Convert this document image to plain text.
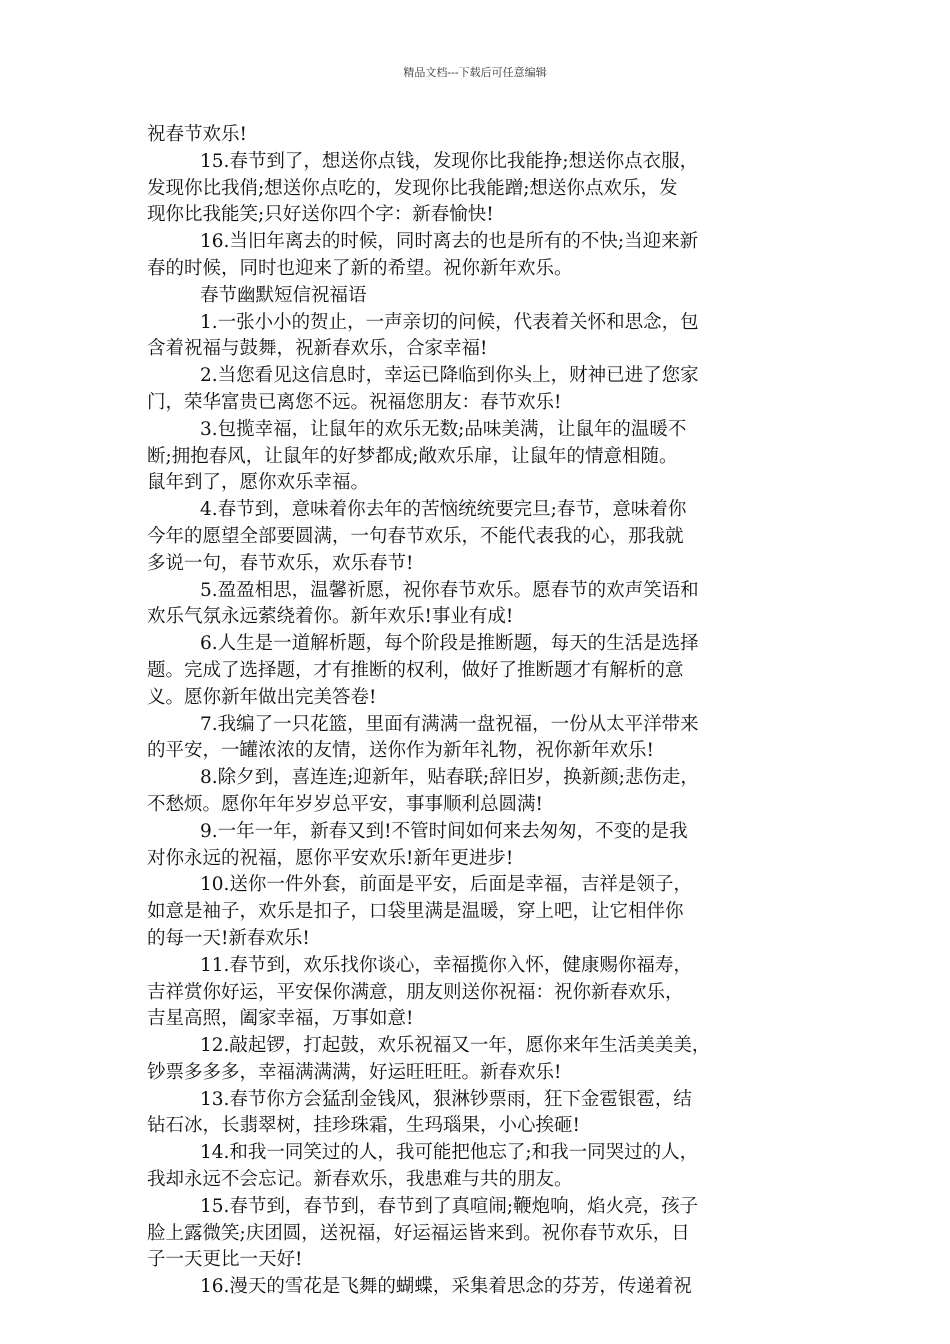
精品文档---下载后可任意编辑
祝春节欢乐!
15.春节到了，想送你点钱，发现你比我能挣;想送你点衣服，
发现你比我俏;想送你点吃的，发现你比我能蹭;想送你点欢乐，发
现你比我能笑;只好送你四个字：新春愉快!
16.当旧年离去的时候，同时离去的也是所有的不快;当迎来新
春的时候，同时也迎来了新的希望。祝你新年欢乐。
春节幽默短信祝福语
1.一张小小的贺止，一声亲切的问候，代表着关怀和思念，包
含着祝福与鼓舞，祝新春欢乐，合家幸福!
2.当您看见这信息时，幸运已降临到你头上，财神已进了您家
门，荣华富贵已离您不远。祝福您朋友：春节欢乐!
3.包揽幸福，让鼠年的欢乐无数;品味美满，让鼠年的温暖不
断;拥抱春风，让鼠年的好梦都成;敞欢乐扉，让鼠年的情意相随。
鼠年到了，愿你欢乐幸福。
4.春节到，意味着你去年的苦恼统统要完旦;春节，意味着你
今年的愿望全部要圆满，一句春节欢乐，不能代表我的心，那我就
多说一句，春节欢乐，欢乐春节!
5.盈盈相思，温馨祈愿，祝你春节欢乐。愿春节的欢声笑语和
欢乐气氛永远萦绕着你。新年欢乐!事业有成!
6.人生是一道解析题，每个阶段是推断题，每天的生活是选择
题。完成了选择题，才有推断的权利，做好了推断题才有解析的意
义。愿你新年做出完美答卷!
7.我编了一只花篮，里面有满满一盘祝福，一份从太平洋带来
的平安，一罐浓浓的友情，送你作为新年礼物，祝你新年欢乐!
8.除夕到，喜连连;迎新年，贴春联;辞旧岁，换新颜;悲伤走，
不愁烦。愿你年年岁岁总平安，事事顺利总圆满!
9.一年一年，新春又到!不管时间如何来去匆匆，不变的是我
对你永远的祝福，愿你平安欢乐!新年更进步!
10.送你一件外套，前面是平安，后面是幸福，吉祥是领子，
如意是袖子，欢乐是扣子，口袋里满是温暖，穿上吧，让它相伴你
的每一天!新春欢乐!
11.春节到，欢乐找你谈心，幸福揽你入怀，健康赐你福寿，
吉祥赏你好运，平安保你满意，朋友则送你祝福：祝你新春欢乐，
吉星高照，阖家幸福，万事如意!
12.敲起锣，打起鼓，欢乐祝福又一年，愿你来年生活美美美，
钞票多多多，幸福满满满，好运旺旺旺。新春欢乐!
13.春节你方会猛刮金钱风，狠淋钞票雨，狂下金雹银雹，结
钻石冰，长翡翠树，挂珍珠霜，生玛瑙果，小心挨砸!
14.和我一同笑过的人，我可能把他忘了;和我一同哭过的人，
我却永远不会忘记。新春欢乐，我患难与共的朋友。
15.春节到，春节到，春节到了真喧闹;鞭炮响，焰火亮，孩子
脸上露微笑;庆团圆，送祝福，好运福运皆来到。祝你春节欢乐，日
子一天更比一天好!
16.漫天的雪花是飞舞的蝴蝶，采集着思念的芬芳，传递着祝
